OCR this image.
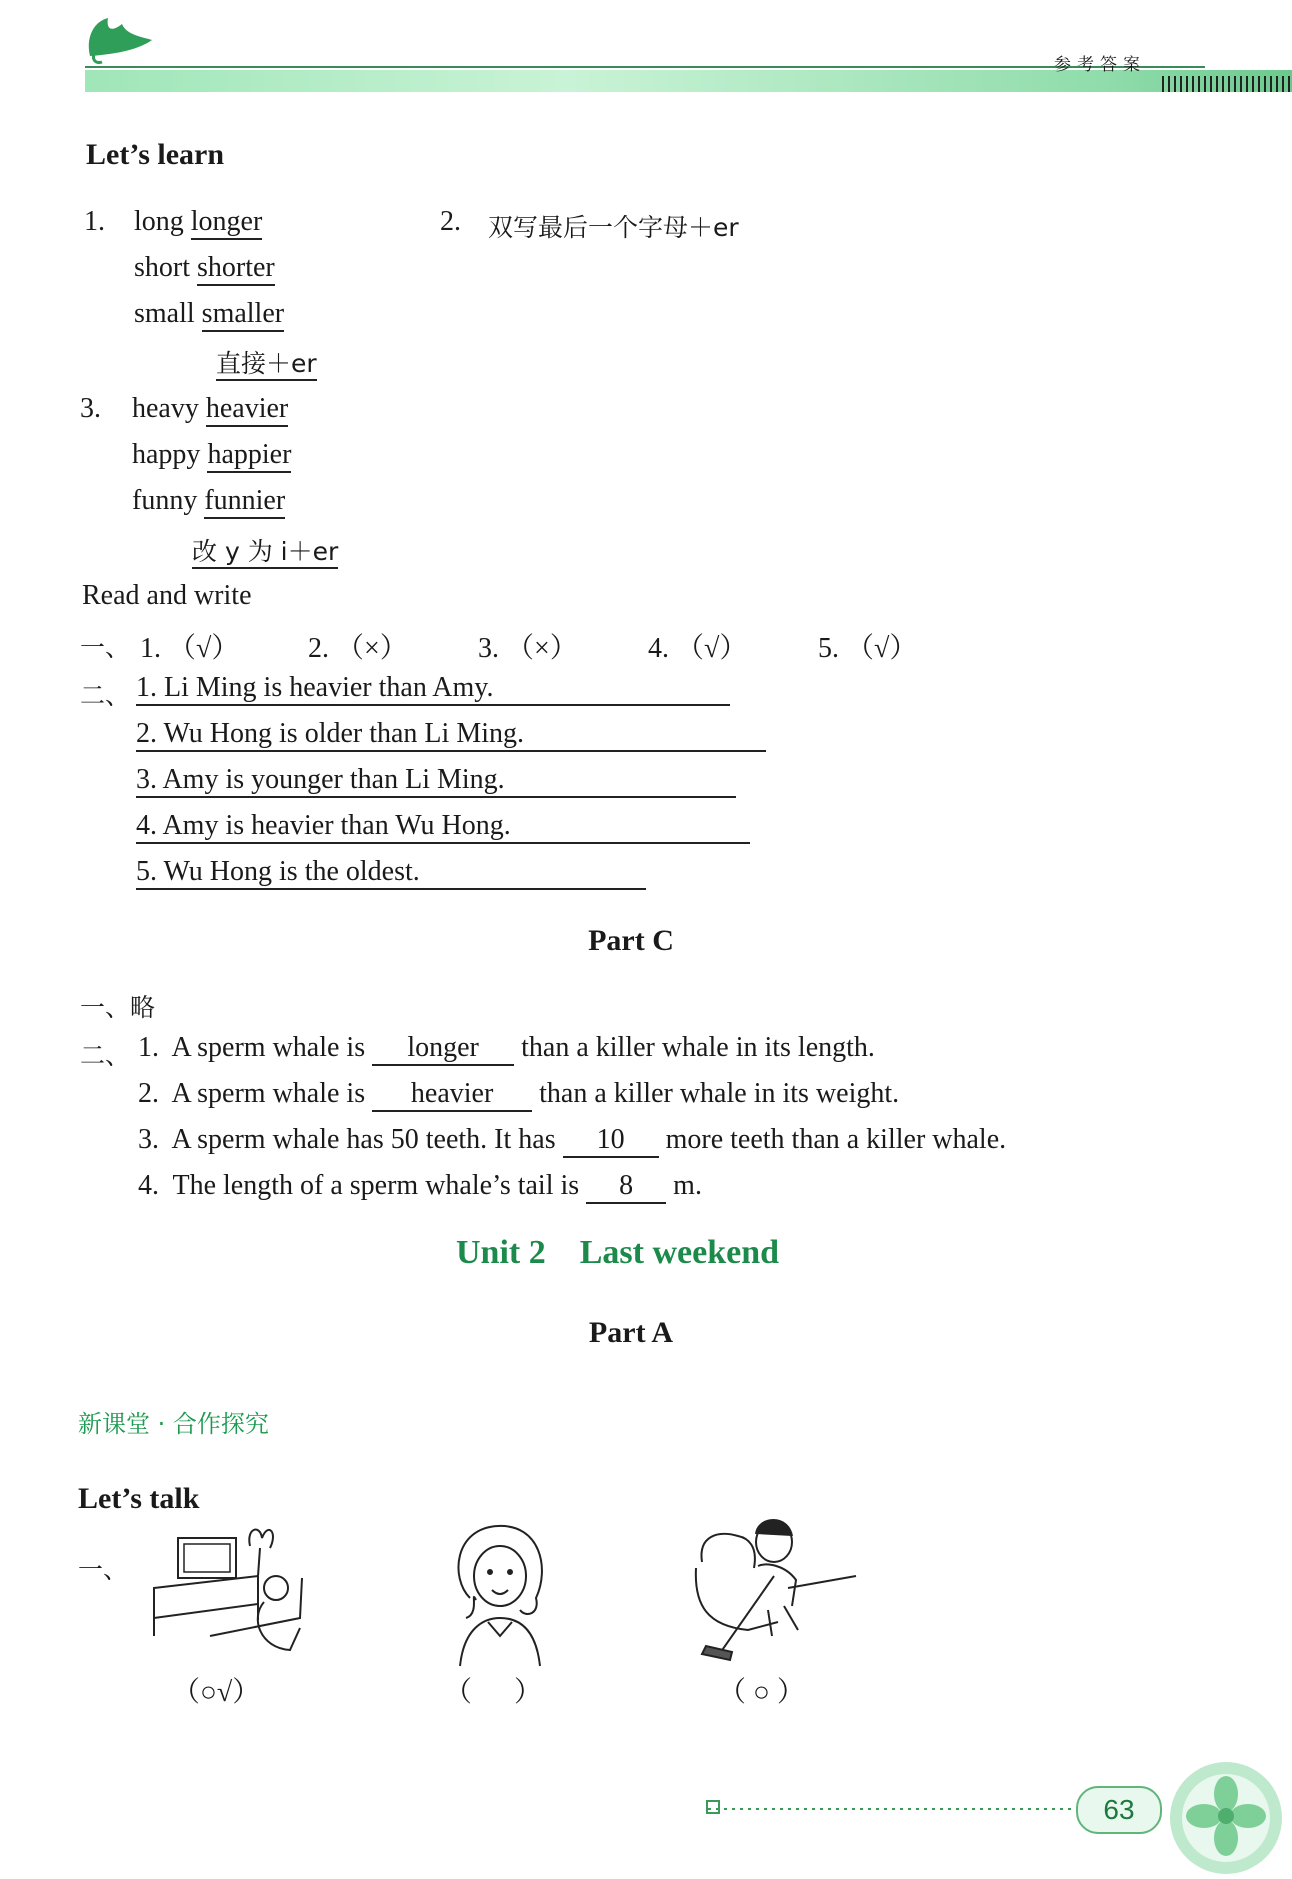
参考答案
Let’s learn
1. long longer
short shorter
small smaller
直接＋er
2. 双写最后一个字母＋er
3. heavy heavier
happy happier
funny funnier
改 y 为 i＋er
Read and write
一、 1. （√） 2. （×）	3. （×）	4. （√）	5. （√）
二、 1. Li Ming is heavier than Amy.
2. Wu Hong is older than Li Ming.
3. Amy is younger than Li Ming.
4. Amy is heavier than Wu Hong.
5. Wu Hong is the oldest.
Part C
一、略
二、 1. A sperm whale is longer than a killer whale in its length.
2. A sperm whale is heavier than a killer whale in its weight.
3. A sperm whale has 50 teeth. It has 10 more teeth than a killer whale.
4. The length of a sperm whale’s tail is 8 m.
Unit 2 Last weekend
Part A
新课堂 · 合作探究
Let’s talk
一、
（○√）	（      ）	（ ○ ）
63
